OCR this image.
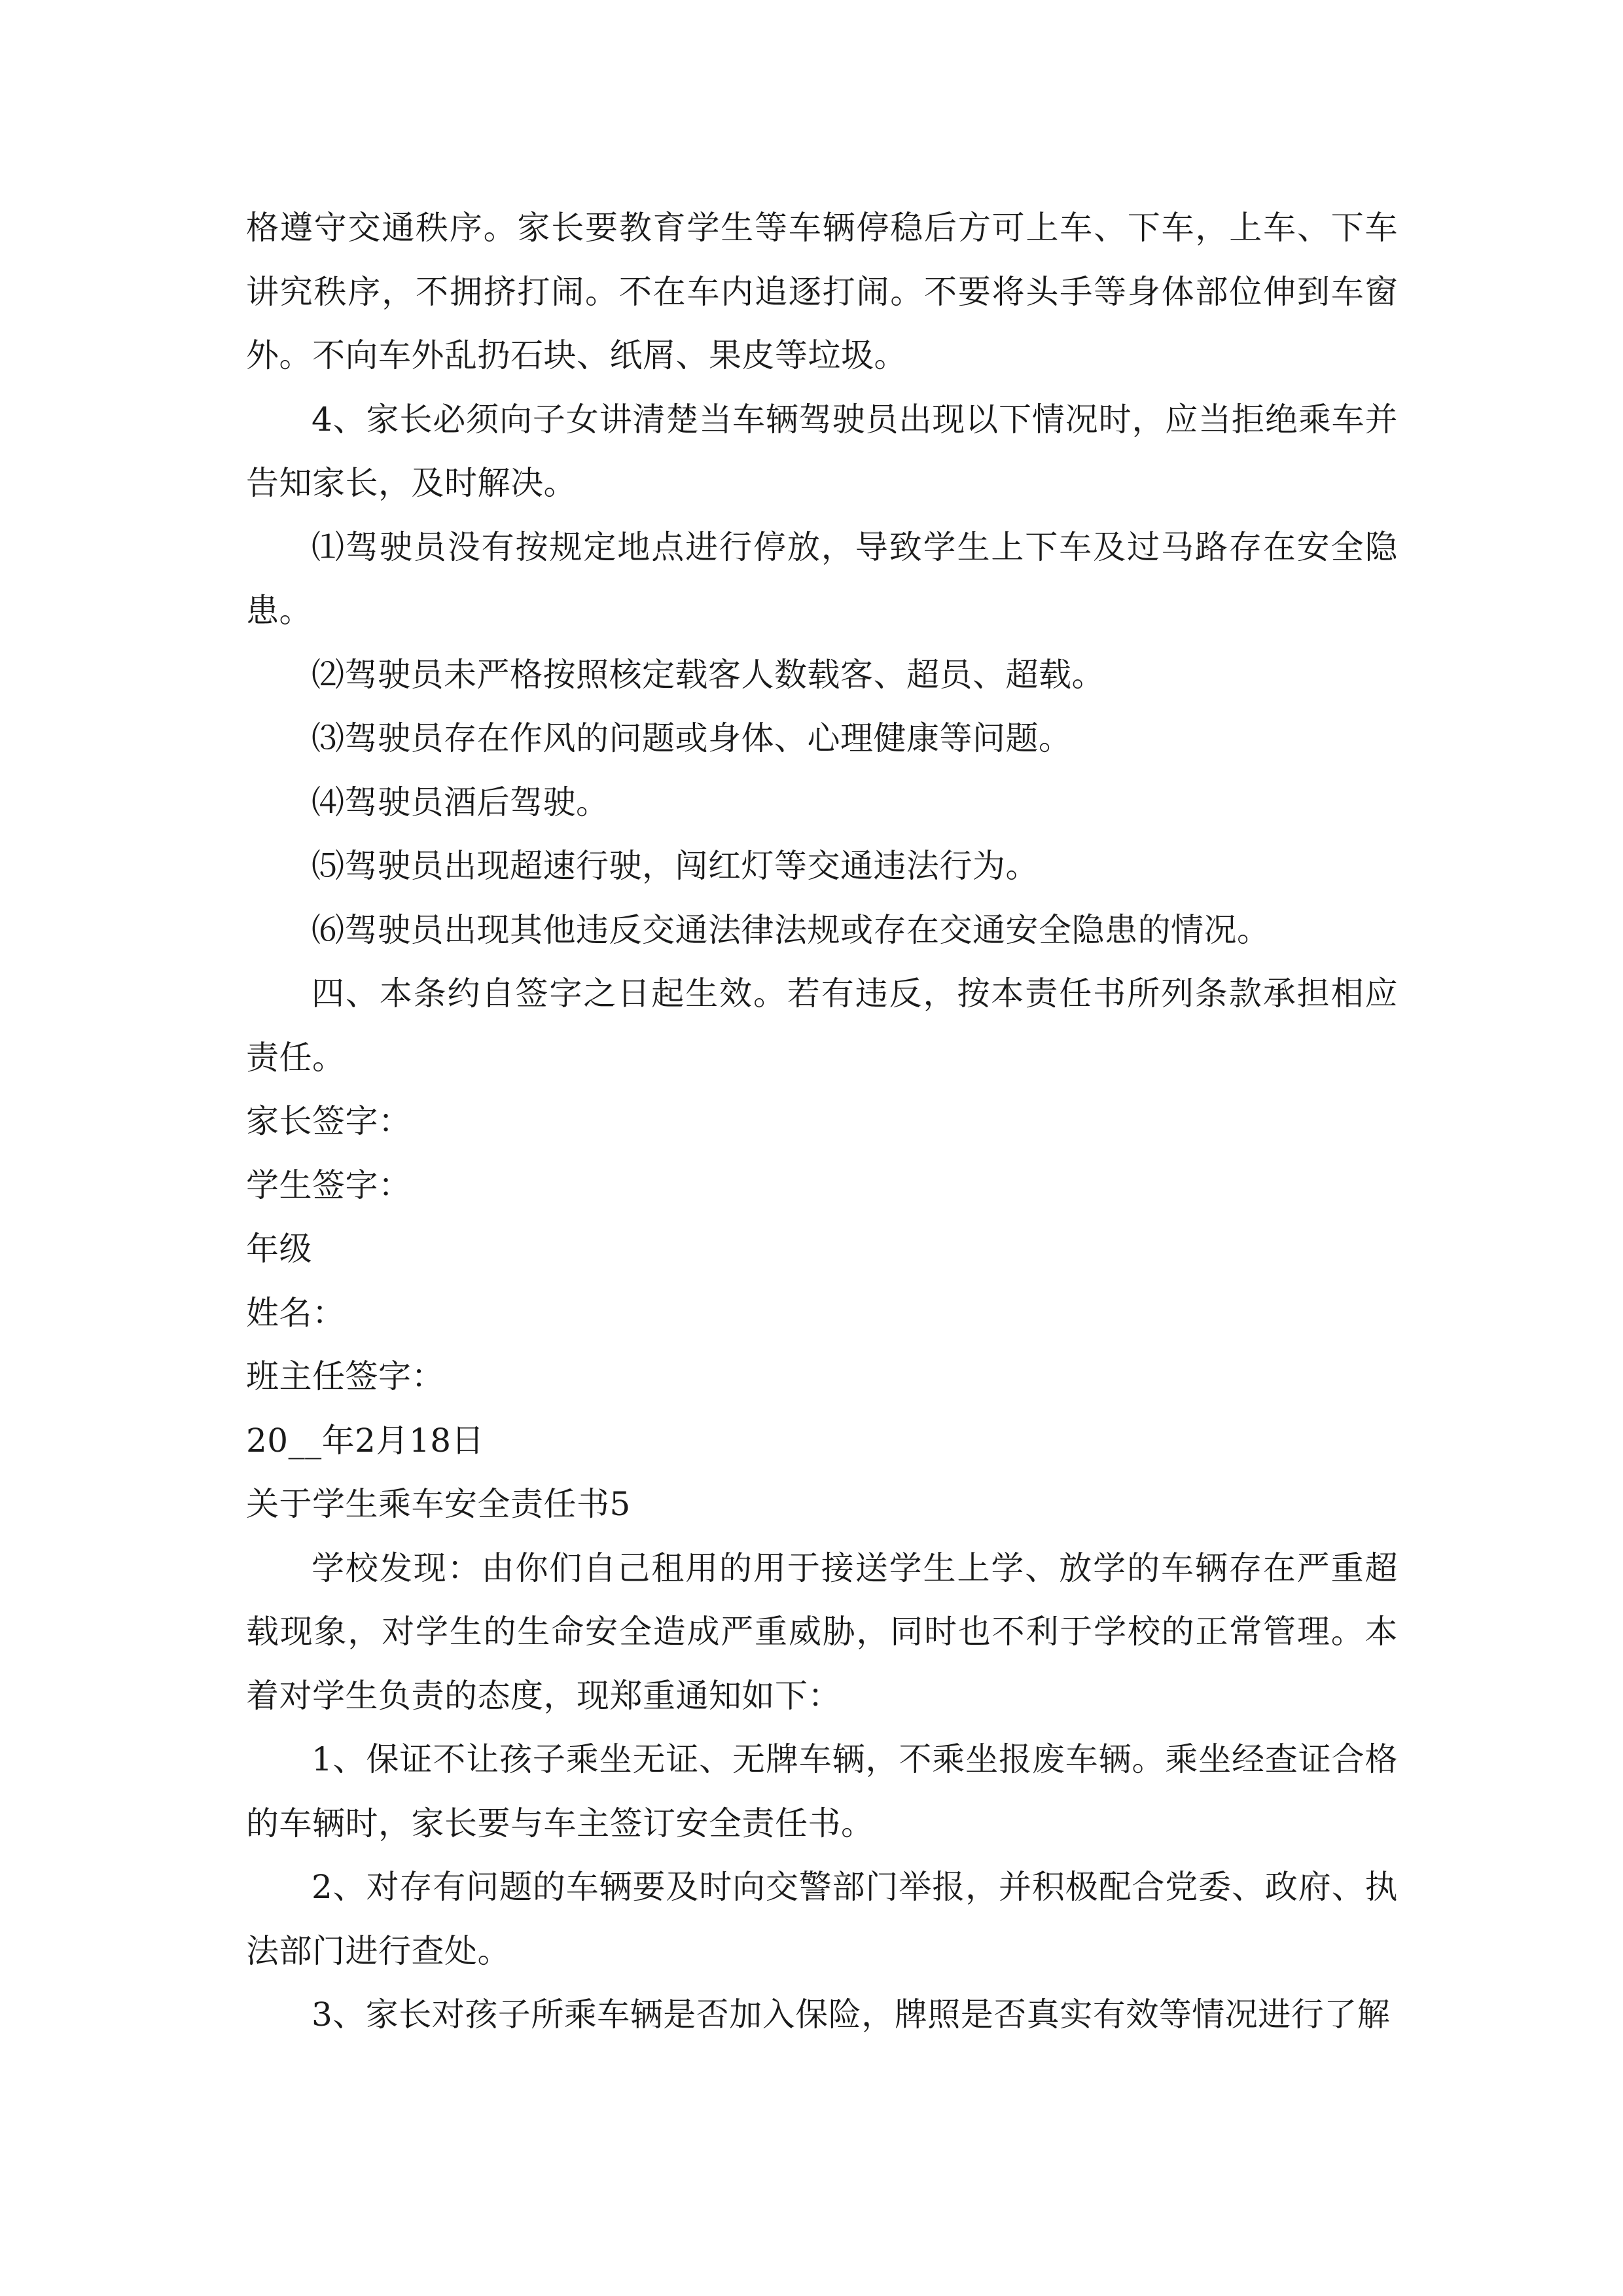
格遵守交通秩序。家长要教育学生等车辆停稳后方可上车、下车，上车、下车讲究秩序，不拥挤打闹。不在车内追逐打闹。不要将头手等身体部位伸到车窗外。不向车外乱扔石块、纸屑、果皮等垃圾。

4、家长必须向子女讲清楚当车辆驾驶员出现以下情况时，应当拒绝乘车并告知家长，及时解决。

⑴驾驶员没有按规定地点进行停放，导致学生上下车及过马路存在安全隐患。

⑵驾驶员未严格按照核定载客人数载客、超员、超载。

⑶驾驶员存在作风的问题或身体、心理健康等问题。

⑷驾驶员酒后驾驶。

⑸驾驶员出现超速行驶，闯红灯等交通违法行为。

⑹驾驶员出现其他违反交通法律法规或存在交通安全隐患的情况。

四、本条约自签字之日起生效。若有违反，按本责任书所列条款承担相应责任。

家长签字：

学生签字：

年级

姓名：

班主任签字：

20__年2月18日

关于学生乘车安全责任书5

学校发现：由你们自己租用的用于接送学生上学、放学的车辆存在严重超载现象，对学生的生命安全造成严重威胁，同时也不利于学校的正常管理。本着对学生负责的态度，现郑重通知如下：

1、保证不让孩子乘坐无证、无牌车辆，不乘坐报废车辆。乘坐经查证合格的车辆时，家长要与车主签订安全责任书。

2、对存有问题的车辆要及时向交警部门举报，并积极配合党委、政府、执法部门进行查处。

3、家长对孩子所乘车辆是否加入保险，牌照是否真实有效等情况进行了解
